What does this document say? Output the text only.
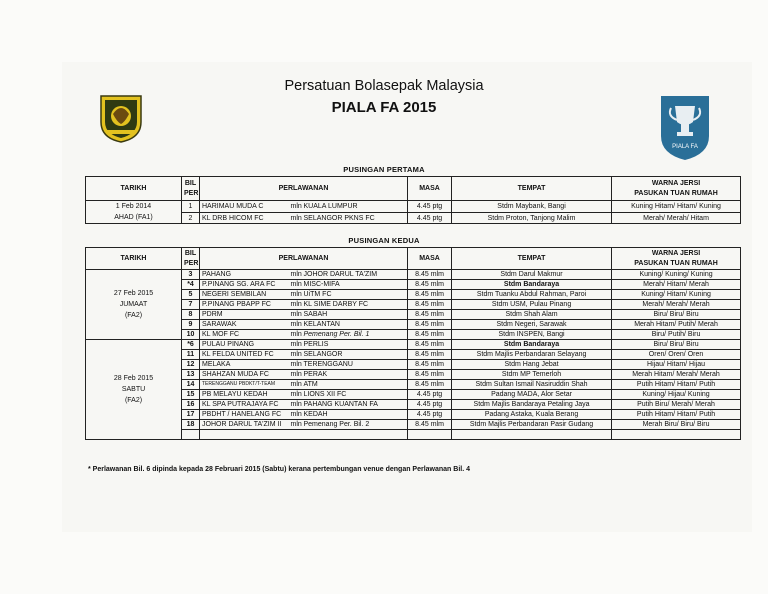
Persatuan Bolasepak Malaysia
PIALA FA 2015
PIALA FA
PUSINGAN PERTAMA
TARIKH	BIL
PER	PERLAWANAN			MASA	TEMPAT	WARNA JERSI
PASUKAN TUAN RUMAH
1 Feb 2014
AHAD (FA1)	1	HARIMAU MUDA C	mln	KUALA LUMPUR	4.45 ptg	Stdm Maybank, Bangi	Kuning Hitam/ Hitam/ Kuning
	2	KL DRB HICOM FC	mln	SELANGOR PKNS FC	4.45 ptg	Stdm Proton, Tanjong Malim	Merah/ Merah/ Hitam
PUSINGAN KEDUA
TARIKH	BIL
PER	PERLAWANAN			MASA	TEMPAT	WARNA JERSI
PASUKAN TUAN RUMAH
27 Feb 2015
JUMAAT
(FA2)	3	PAHANG	mln	JOHOR DARUL TA'ZIM	8.45 mlm	Stdm Darul Makmur	Kuning/ Kuning/ Kuning
	*4	P.PINANG SG. ARA FC	mln	MISC-MIFA	8.45 mlm	Stdm Bandaraya	Merah/ Hitam/ Merah
	5	NEGERI SEMBILAN	mln	UiTM FC	8.45 mlm	Stdm Tuanku Abdul Rahman, Paroi	Kuning/ Hitam/ Kuning
	7	P.PINANG PBAPP FC	mln	KL SIME DARBY FC	8.45 mlm	Stdm USM, Pulau Pinang	Merah/ Merah/ Merah
	8	PDRM	mln	SABAH	8.45 mlm	Stdm Shah Alam	Biru/ Biru/ Biru
	9	SARAWAK	mln	KELANTAN	8.45 mlm	Stdm Negeri, Sarawak	Merah Hitam/ Putih/ Merah
	10	KL MOF FC	mln	Pemenang Per. Bil. 1	8.45 mlm	Stdm INSPEN, Bangi	Biru/ Putih/ Biru
28 Feb 2015
SABTU
(FA2)	*6	PULAU PINANG	mln	PERLIS	8.45 mlm	Stdm Bandaraya	Biru/ Biru/ Biru
	11	KL FELDA UNITED FC	mln	SELANGOR	8.45 mlm	Stdm Majlis Perbandaran Selayang	Oren/ Oren/ Oren
	12	MELAKA	mln	TERENGGANU	8.45 mlm	Stdm Hang Jebat	Hijau/ Hitam/ Hijau
	13	SHAHZAN MUDA FC	mln	PERAK	8.45 mlm	Stdm MP Temerloh	Merah Hitam/ Merah/ Merah
	14	TERENGGANU PBDKT/T-TEAM	mln	ATM	8.45 mlm	Stdm Sultan Ismail Nasiruddin Shah	Putih Hitam/ Hitam/ Putih
	15	PB MELAYU KEDAH	mln	LIONS XII FC	4.45 ptg	Padang MADA, Alor Setar	Kuning/ Hijau/ Kuning
	16	KL SPA PUTRAJAYA FC	mln	PAHANG KUANTAN FA	4.45 ptg	Stdm Majlis Bandaraya Petaling Jaya	Putih Biru/ Merah/ Merah
	17	PBDHT / HANELANG FC	mln	KEDAH	4.45 ptg	Padang Astaka, Kuala Berang	Putih Hitam/ Hitam/ Putih
	18	JOHOR DARUL TA'ZIM II	mln	Pemenang Per. Bil. 2	8.45 mlm	Stdm Majlis Perbandaran Pasir Gudang	Merah Biru/ Biru/ Biru

* Perlawanan Bil. 6 dipinda kepada 28 Februari 2015 (Sabtu) kerana pertembungan venue dengan Perlawanan Bil. 4
